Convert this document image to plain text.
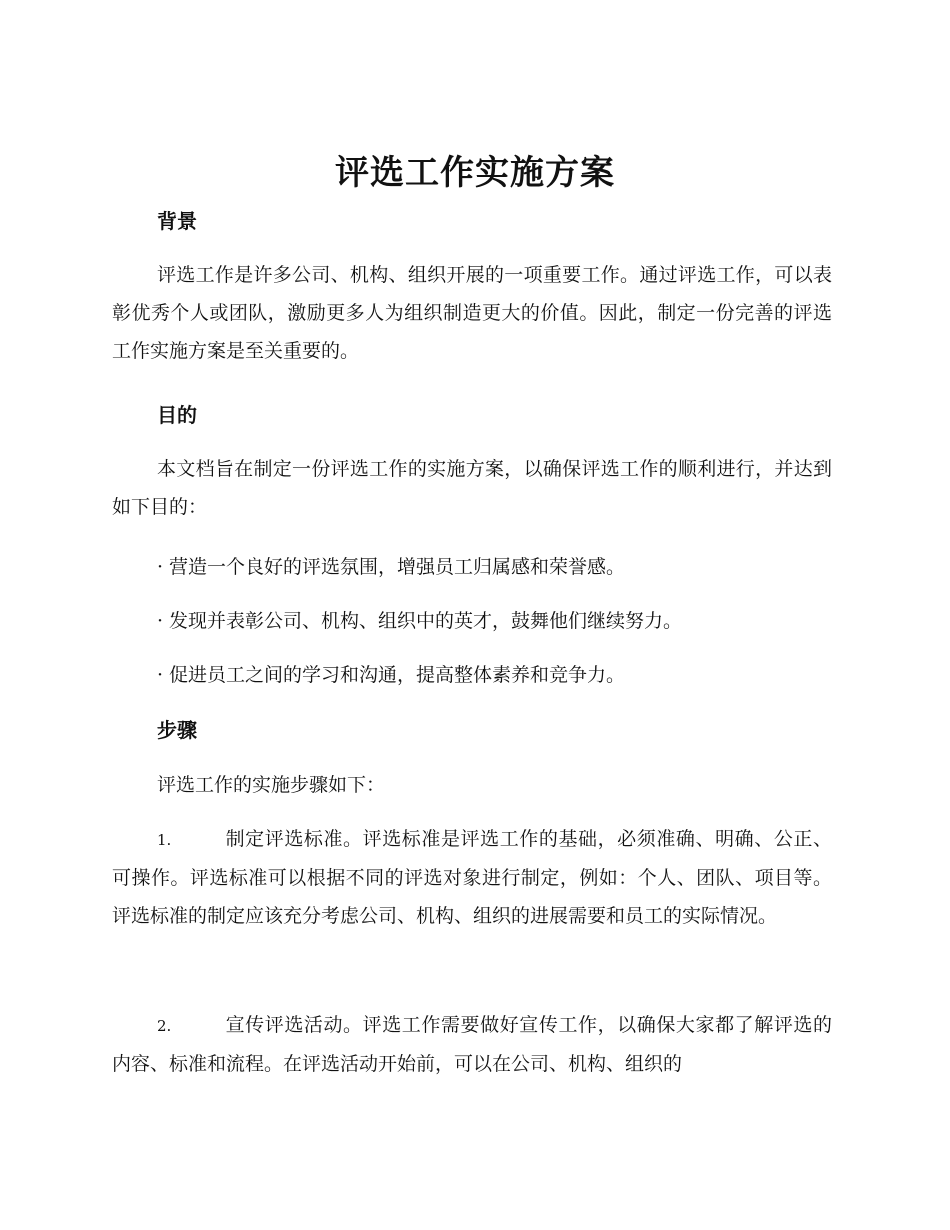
评选工作实施方案
背景

评选工作是许多公司、机构、组织开展的一项重要工作。通过评选工作，可以表彰优秀个人或团队，激励更多人为组织制造更大的价值。因此，制定一份完善的评选工作实施方案是至关重要的。

目的

本文档旨在制定一份评选工作的实施方案，以确保评选工作的顺利进行，并达到如下目的：

· 营造一个良好的评选氛围，增强员工归属感和荣誉感。
· 发现并表彰公司、机构、组织中的英才，鼓舞他们继续努力。
· 促进员工之间的学习和沟通，提高整体素养和竞争力。
步骤
评选工作的实施步骤如下：

1.	制定评选标准。评选标准是评选工作的基础，必须准确、明确、公正、可操作。评选标准可以根据不同的评选对象进行制定，例如：个人、团队、项目等。评选标准的制定应该充分考虑公司、机构、组织的进展需要和员工的实际情况。

2.	宣传评选活动。评选工作需要做好宣传工作，以确保大家都了解评选的内容、标准和流程。在评选活动开始前，可以在公司、机构、组织的
